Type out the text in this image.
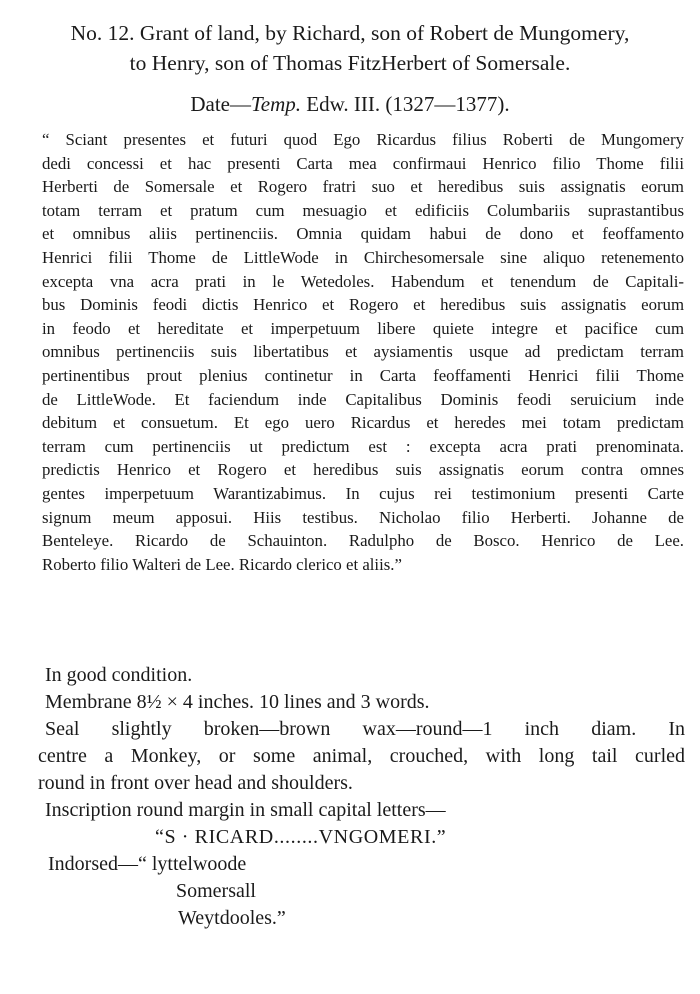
No. 12. Grant of land, by Richard, son of Robert de Mungomery,
to Henry, son of Thomas FitzHerbert of Somersale.
Date—Temp. Edw. III. (1327—1377).
“ Sciant presentes et futuri quod Ego Ricardus filius Roberti de Mungomery
dedi concessi et hac presenti Carta mea confirmaui Henrico filio Thome filii
Herberti de Somersale et Rogero fratri suo et heredibus suis assignatis eorum
totam terram et pratum cum mesuagio et edificiis Columbariis suprastantibus
et omnibus aliis pertinenciis. Omnia quidam habui de dono et feoffamento
Henrici filii Thome de LittleWode in Chirchesomersale sine aliquo retenemento
excepta vna acra prati in le Wetedoles. Habendum et tenendum de Capitali-
bus Dominis feodi dictis Henrico et Rogero et heredibus suis assignatis eorum
in feodo et hereditate et imperpetuum libere quiete integre et pacifice cum
omnibus pertinenciis suis libertatibus et aysiamentis usque ad predictam terram
pertinentibus prout plenius continetur in Carta feoffamenti Henrici filii Thome
de LittleWode. Et faciendum inde Capitalibus Dominis feodi seruicium inde
debitum et consuetum. Et ego uero Ricardus et heredes mei totam predictam
terram cum pertinenciis ut predictum est : excepta acra prati prenominata.
predictis Henrico et Rogero et heredibus suis assignatis eorum contra omnes
gentes imperpetuum Warantizabimus. In cujus rei testimonium presenti Carte
signum meum apposui. Hiis testibus. Nicholao filio Herberti. Johanne de
Benteleye. Ricardo de Schauinton. Radulpho de Bosco. Henrico de Lee.
Roberto filio Walteri de Lee. Ricardo clerico et aliis.”
In good condition.
Membrane 8½ × 4 inches. 10 lines and 3 words.
Seal slightly broken—brown wax—round—1 inch diam. In
centre a Monkey, or some animal, crouched, with long tail curled
round in front over head and shoulders.
Inscription round margin in small capital letters—
“S · RICARD........VNGOMERI.”
Indorsed—“ lyttelwoode
Somersall
Weytdooles.”
